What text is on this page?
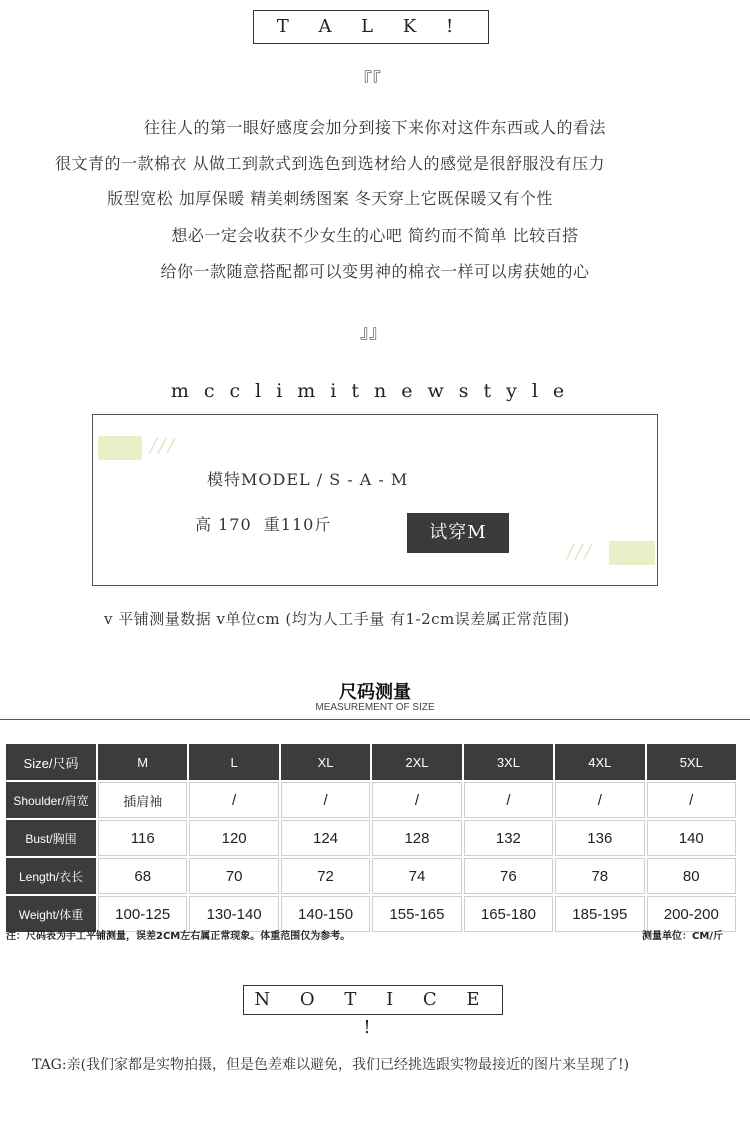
T A L K !
『『
往往人的第一眼好感度会加分到接下来你对这件东西或人的看法
很文青的一款棉衣 从做工到款式到选色到选材给人的感觉是很舒服没有压力
版型宽松 加厚保暖 精美刺绣图案 冬天穿上它既保暖又有个性
想必一定会收获不少女生的心吧 简约而不简单 比较百搭
给你一款随意搭配都可以变男神的棉衣一样可以虏获她的心
』』
mcclimitnewstyle
///
模特MODEL / S - A - M
高 170  重110斤	试穿M
///
v 平铺测量数据 v单位cm (均为人工手量 有1-2cm误差属正常范围)
尺码测量
MEASUREMENT OF SIZE
Size/尺码	M	L	XL	2XL	3XL	4XL	5XL
Shoulder/肩宽	插肩袖	/	/	/	/	/	/
Bust/胸围	116	120	124	128	132	136	140
Length/衣长	68	70	72	74	76	78	80
Weight/体重	100-125	130-140	140-150	155-165	165-180	185-195	200-200
注：尺码表为手工平铺测量，误差2CM左右属正常现象。体重范围仅为参考。	测量单位：CM/斤
N O T I C E !
TAG:亲(我们家都是实物拍摄，但是色差难以避免，我们已经挑选跟实物最接近的图片来呈现了!)
